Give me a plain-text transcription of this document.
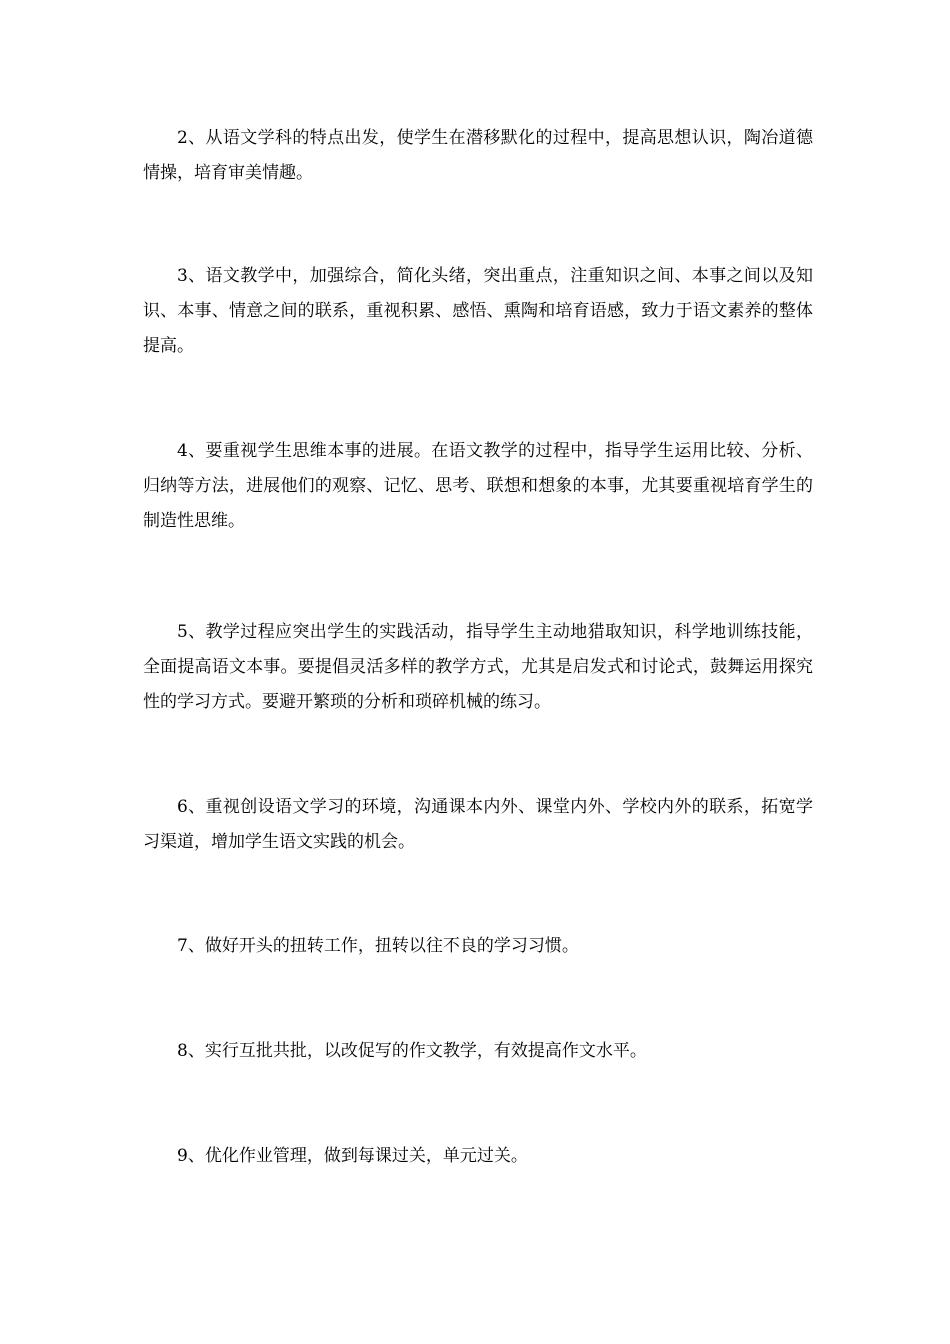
2、从语文学科的特点出发，使学生在潜移默化的过程中，提高思想认识，陶冶道德情操，培育审美情趣。

3、语文教学中，加强综合，简化头绪，突出重点，注重知识之间、本事之间以及知识、本事、情意之间的联系，重视积累、感悟、熏陶和培育语感，致力于语文素养的整体提高。

4、要重视学生思维本事的进展。在语文教学的过程中，指导学生运用比较、分析、归纳等方法，进展他们的观察、记忆、思考、联想和想象的本事，尤其要重视培育学生的制造性思维。

5、教学过程应突出学生的实践活动，指导学生主动地猎取知识，科学地训练技能，全面提高语文本事。要提倡灵活多样的教学方式，尤其是启发式和讨论式，鼓舞运用探究性的学习方式。要避开繁琐的分析和琐碎机械的练习。

6、重视创设语文学习的环境，沟通课本内外、课堂内外、学校内外的联系，拓宽学习渠道，增加学生语文实践的机会。

7、做好开头的扭转工作，扭转以往不良的学习习惯。

8、实行互批共批，以改促写的作文教学，有效提高作文水平。

9、优化作业管理，做到每课过关，单元过关。
